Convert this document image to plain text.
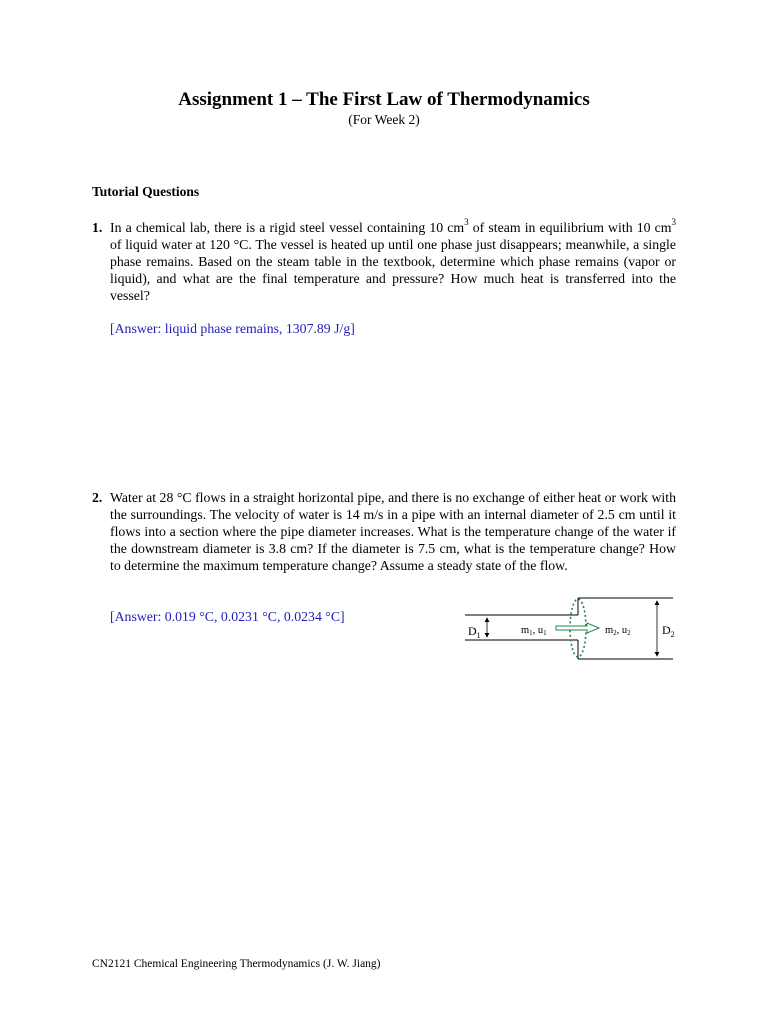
Assignment 1 – The First Law of Thermodynamics
(For Week 2)
Tutorial Questions
1. In a chemical lab, there is a rigid steel vessel containing 10 $cm^3$ of steam in equilibrium with 10 $cm^3$ of liquid water at 120 °C. The vessel is heated up until one phase just disappears; meanwhile, a single phase remains. Based on the steam table in the textbook, determine which phase remains (vapor or liquid), and what are the final temperature and pressure? How much heat is transferred into the vessel?
[Answer: liquid phase remains, 1307.89 J/g]
2. Water at 28 °C flows in a straight horizontal pipe, and there is no exchange of either heat or work with the surroundings. The velocity of water is 14 m/s in a pipe with an internal diameter of 2.5 cm until it flows into a section where the pipe diameter increases. What is the temperature change of the water if the downstream diameter is 3.8 cm? If the diameter is 7.5 cm, what is the temperature change? How to determine the maximum temperature change? Assume a steady state of the flow.
[Answer: 0.019 °C, 0.0231 °C, 0.0234 °C]
$D_1$	m1, u1	m2, u2	$D_2$
CN2121 Chemical Engineering Thermodynamics (J. W. Jiang)
